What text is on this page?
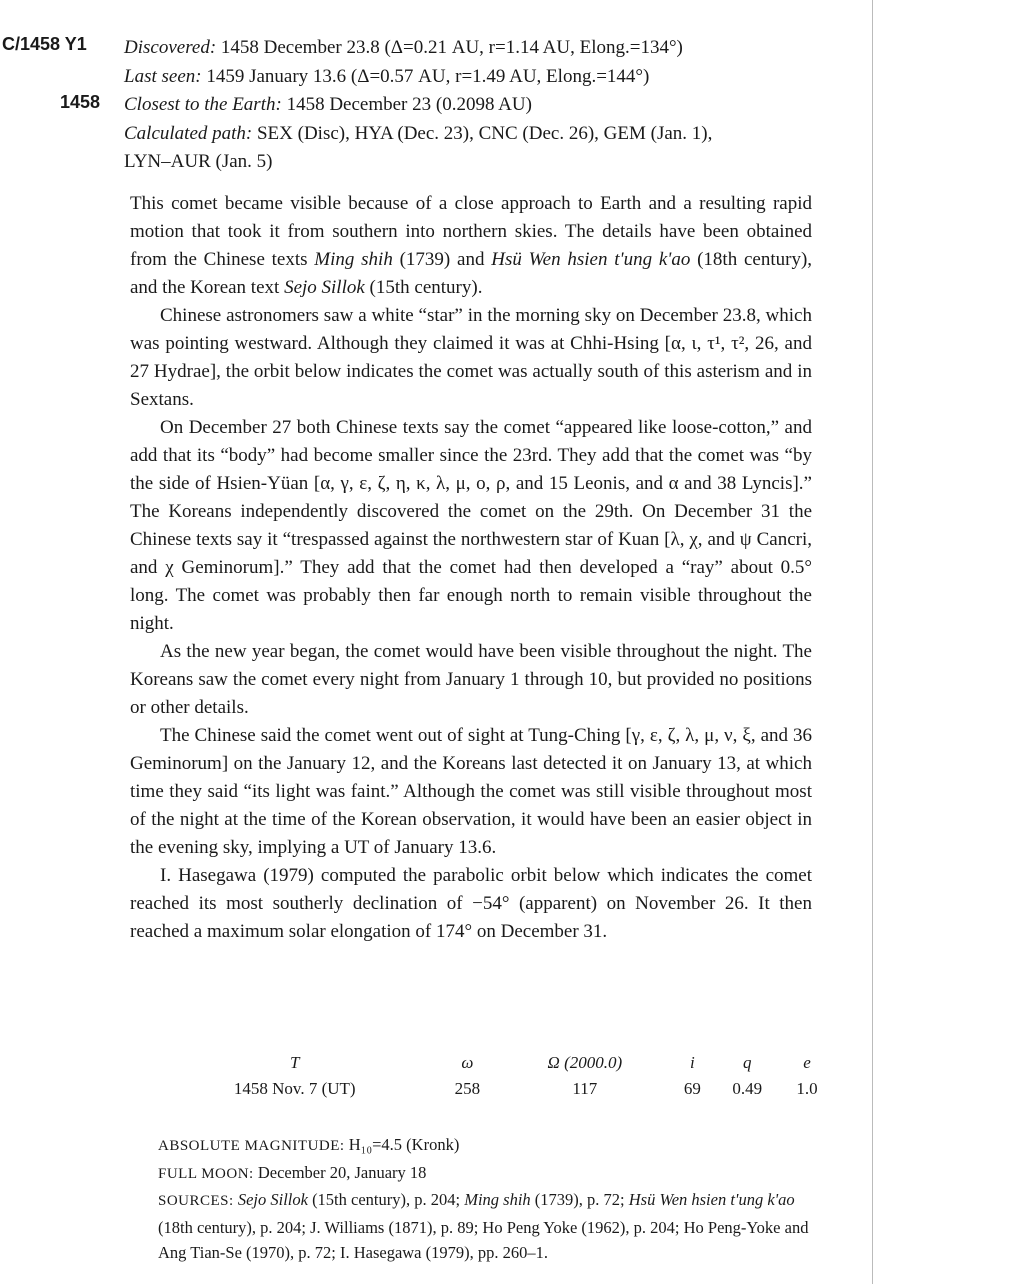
C/1458 Y1
1458
Discovered: 1458 December 23.8 (Δ=0.21 AU, r=1.14 AU, Elong.=134°)
Last seen: 1459 January 13.6 (Δ=0.57 AU, r=1.49 AU, Elong.=144°)
Closest to the Earth: 1458 December 23 (0.2098 AU)
Calculated path: SEX (Disc), HYA (Dec. 23), CNC (Dec. 26), GEM (Jan. 1),
LYN–AUR (Jan. 5)

This comet became visible because of a close approach to Earth and a resulting rapid motion that took it from southern into northern skies. The details have been obtained from the Chinese texts Ming shih (1739) and Hsü Wen hsien t'ung k'ao (18th century), and the Korean text Sejo Sillok (15th century).

Chinese astronomers saw a white “star” in the morning sky on December 23.8, which was pointing westward. Although they claimed it was at Chhi-Hsing [α, ι, τ¹, τ², 26, and 27 Hydrae], the orbit below indicates the comet was actually south of this asterism and in Sextans.

On December 27 both Chinese texts say the comet “appeared like loose-cotton,” and add that its “body” had become smaller since the 23rd. They add that the comet was “by the side of Hsien-Yüan [α, γ, ε, ζ, η, κ, λ, μ, ο, ρ, and 15 Leonis, and α and 38 Lyncis].” The Koreans independently discovered the comet on the 29th. On December 31 the Chinese texts say it “trespassed against the northwestern star of Kuan [λ, χ, and ψ Cancri, and χ Geminorum].” They add that the comet had then developed a “ray” about 0.5° long. The comet was probably then far enough north to remain visible throughout the night.

As the new year began, the comet would have been visible throughout the night. The Koreans saw the comet every night from January 1 through 10, but provided no positions or other details.

The Chinese said the comet went out of sight at Tung-Ching [γ, ε, ζ, λ, μ, ν, ξ, and 36 Geminorum] on the January 12, and the Koreans last detected it on January 13, at which time they said “its light was faint.” Although the comet was still visible throughout most of the night at the time of the Korean observation, it would have been an easier object in the evening sky, implying a UT of January 13.6.

I. Hasegawa (1979) computed the parabolic orbit below which indicates the comet reached its most southerly declination of −54° (apparent) on November 26. It then reached a maximum solar elongation of 174° on December 31.

T	ω	Ω (2000.0)	i	q	e
1458 Nov. 7 (UT)	258	117	69	0.49	1.0
ABSOLUTE MAGNITUDE: H₁₀=4.5 (Kronk)
FULL MOON: December 20, January 18
SOURCES: Sejo Sillok (15th century), p. 204; Ming shih (1739), p. 72; Hsü Wen hsien t'ung k'ao (18th century), p. 204; J. Williams (1871), p. 89; Ho Peng Yoke (1962), p. 204; Ho Peng-Yoke and Ang Tian-Se (1970), p. 72; I. Hasegawa (1979), pp. 260–1.
